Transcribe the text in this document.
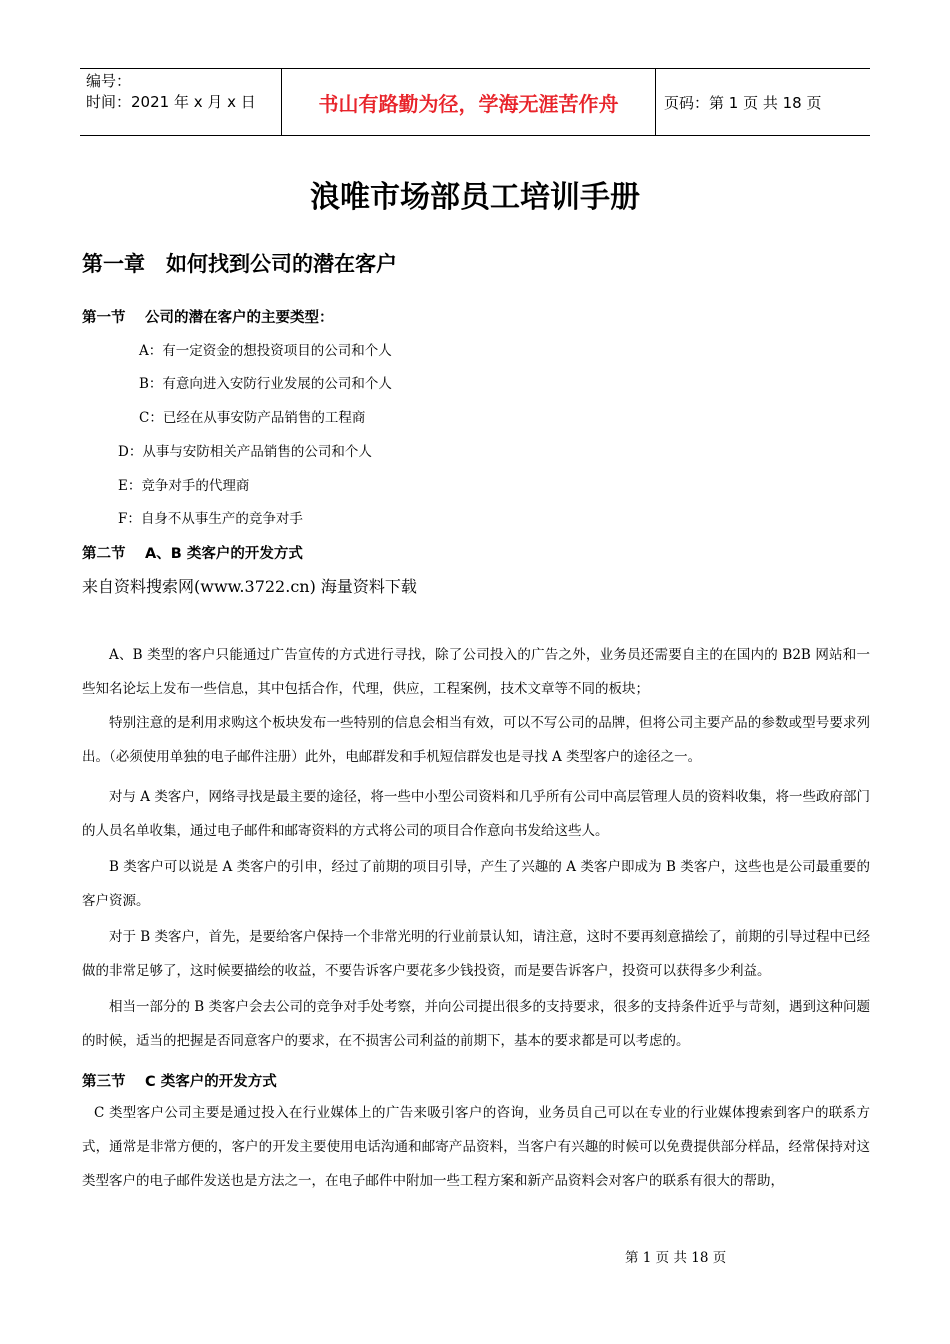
编号：
时间：2021 年 x 月 x 日	书山有路勤为径，学海无涯苦作舟	页码：第 1 页 共 18 页
浪唯市场部员工培训手册
第一章　如何找到公司的潜在客户
第一节　 公司的潜在客户的主要类型：
A：有一定资金的想投资项目的公司和个人
B：有意向进入安防行业发展的公司和个人
C：已经在从事安防产品销售的工程商
D：从事与安防相关产品销售的公司和个人
E：竞争对手的代理商
F：自身不从事生产的竞争对手
第二节　 A、B 类客户的开发方式
来自资料搜索网(www.3722.cn) 海量资料下载

A、B 类型的客户只能通过广告宣传的方式进行寻找，除了公司投入的广告之外，业务员还需要自主的在国内的 B2B 网站和一些知名论坛上发布一些信息，其中包括合作，代理，供应，工程案例，技术文章等不同的板块；

特别注意的是利用求购这个板块发布一些特别的信息会相当有效，可以不写公司的品牌，但将公司主要产品的参数或型号要求列出。（必须使用单独的电子邮件注册）此外，电邮群发和手机短信群发也是寻找 A 类型客户的途径之一。

对与 A 类客户，网络寻找是最主要的途径，将一些中小型公司资料和几乎所有公司中高层管理人员的资料收集，将一些政府部门的人员名单收集，通过电子邮件和邮寄资料的方式将公司的项目合作意向书发给这些人。

B 类客户可以说是 A 类客户的引申，经过了前期的项目引导，产生了兴趣的 A 类客户即成为 B 类客户，这些也是公司最重要的客户资源。

对于 B 类客户，首先，是要给客户保持一个非常光明的行业前景认知，请注意，这时不要再刻意描绘了，前期的引导过程中已经做的非常足够了，这时候要描绘的收益，不要告诉客户要花多少钱投资，而是要告诉客户，投资可以获得多少利益。

相当一部分的 B 类客户会去公司的竞争对手处考察，并向公司提出很多的支持要求，很多的支持条件近乎与苛刻，遇到这种问题的时候，适当的把握是否同意客户的要求，在不损害公司利益的前期下，基本的要求都是可以考虑的。

第三节　 C 类客户的开发方式

C 类型客户公司主要是通过投入在行业媒体上的广告来吸引客户的咨询，业务员自己可以在专业的行业媒体搜索到客户的联系方式，通常是非常方便的，客户的开发主要使用电话沟通和邮寄产品资料，当客户有兴趣的时候可以免费提供部分样品，经常保持对这类型客户的电子邮件发送也是方法之一，在电子邮件中附加一些工程方案和新产品资料会对客户的联系有很大的帮助，

第 1 页 共 18 页
